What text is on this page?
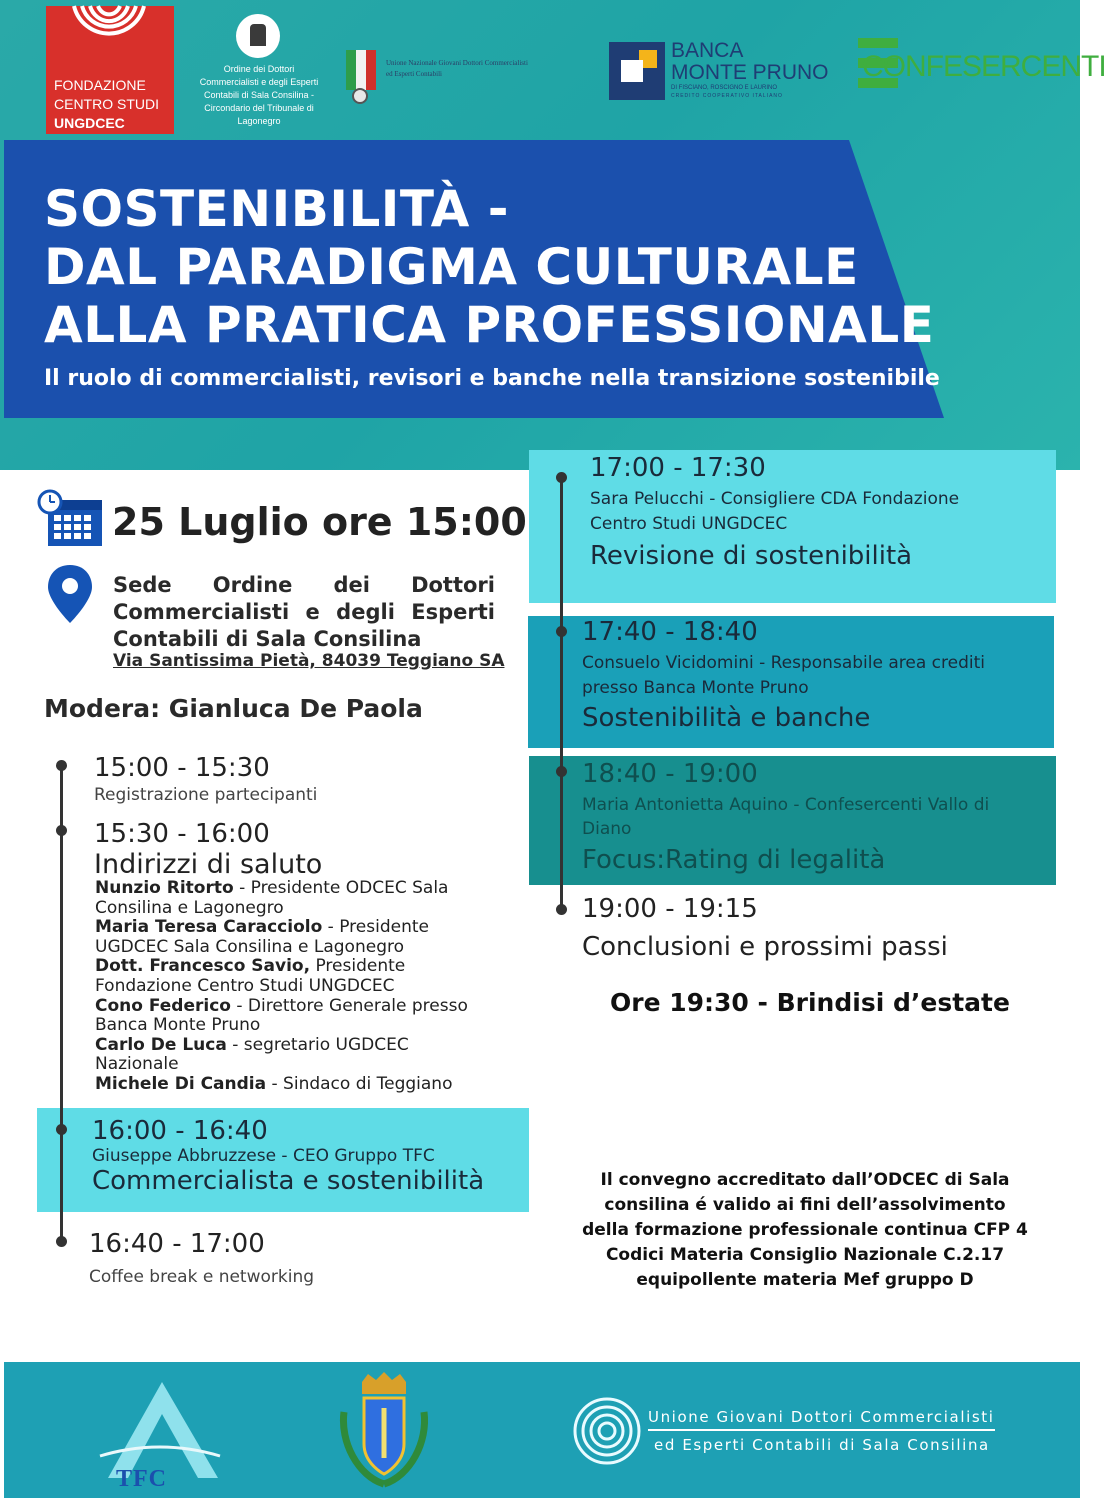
FONDAZIONE
CENTRO STUDI
UNGDCEC
Ordine dei Dottori
Commercialisti e degli Esperti
Contabili di Sala Consilina -
Circondario del Tribunale di
Lagonegro
Unione Nazionale Giovani Dottori Commercialisti
ed Esperti Contabili
BANCA
MONTE PRUNO
DI FISCIANO, ROSCIGNO E LAURINO
CREDITO COOPERATIVO ITALIANO
CONFESERCENTI
SOSTENIBILITÀ -
DAL PARADIGMA CULTURALE
ALLA PRATICA PROFESSIONALE
Il ruolo di commercialisti, revisori e banche nella transizione sostenibile
25 Luglio ore 15:00
Sede Ordine dei Dottori
Commercialisti e degli Esperti
Contabili di Sala Consilina
Via Santissima Pietà, 84039 Teggiano SA
Modera: Gianluca De Paola
15:00 - 15:30
Registrazione partecipanti
15:30 - 16:00
Indirizzi di saluto
Nunzio Ritorto - Presidente ODCEC Sala
Consilina e Lagonegro
Maria Teresa Caracciolo - Presidente
UGDCEC Sala Consilina e Lagonegro
Dott. Francesco Savio, Presidente
Fondazione Centro Studi UNGDCEC
Cono Federico - Direttore Generale presso
Banca Monte Pruno
Carlo De Luca - segretario UGDCEC
Nazionale
Michele Di Candia - Sindaco di Teggiano
16:00 - 16:40
Giuseppe Abbruzzese - CEO Gruppo TFC
Commercialista e sostenibilità
16:40 - 17:00
Coffee break e networking
17:00 - 17:30
Sara Pelucchi - Consigliere CDA Fondazione
Centro Studi UNGDCEC
Revisione di sostenibilità
17:40 - 18:40
Consuelo Vicidomini - Responsabile area crediti
presso Banca Monte Pruno
Sostenibilità e banche
18:40 - 19:00
Maria Antonietta Aquino - Confesercenti Vallo di
Diano
Focus:Rating di legalità
19:00 - 19:15
Conclusioni e prossimi passi
Ore 19:30 - Brindisi d’estate
Il convegno accreditato dall’ODCEC di Sala
consilina é valido ai fini dell’assolvimento
della formazione professionale continua CFP 4
Codici Materia Consiglio Nazionale C.2.17
equipollente materia Mef gruppo D
TFC
Unione Giovani Dottori Commercialisti
ed Esperti Contabili di Sala Consilina
